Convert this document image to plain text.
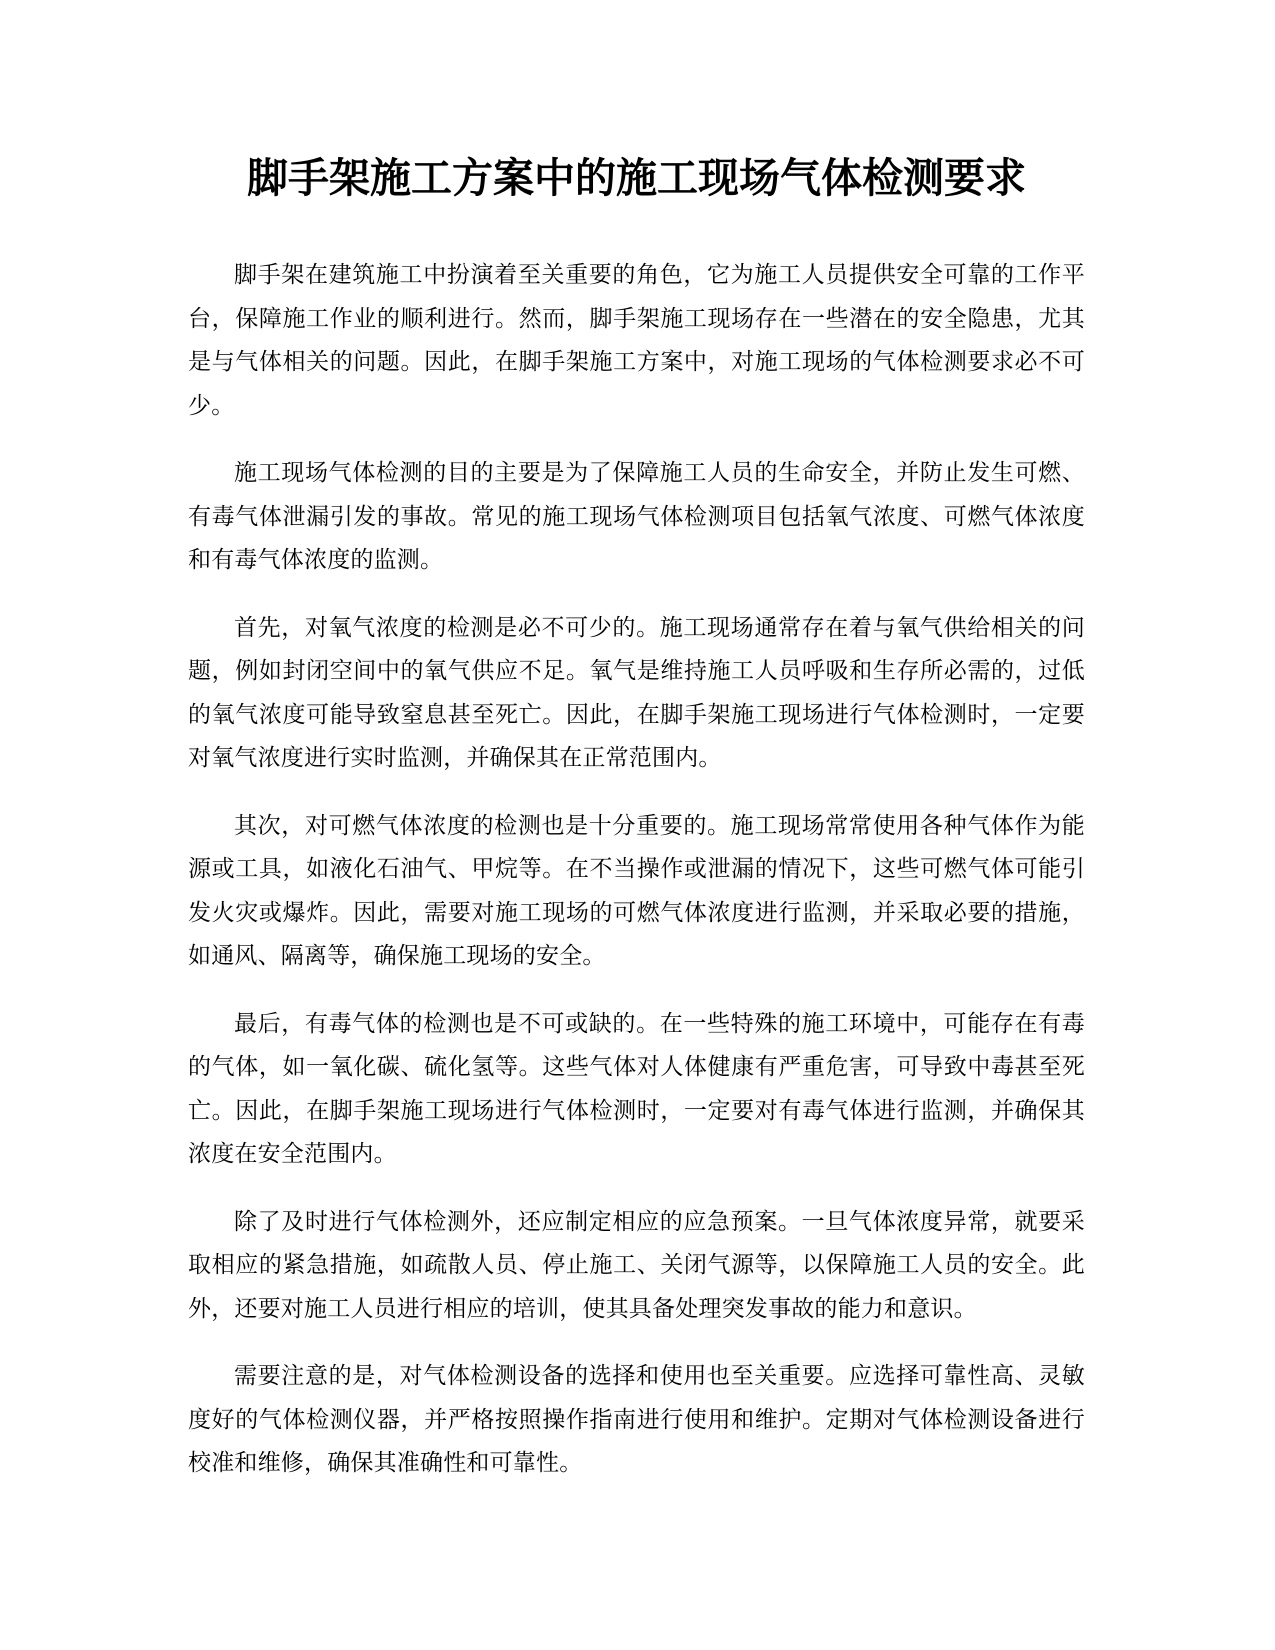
脚手架施工方案中的施工现场气体检测要求

脚手架在建筑施工中扮演着至关重要的角色，它为施工人员提供安全可靠的工作平台，保障施工作业的顺利进行。然而，脚手架施工现场存在一些潜在的安全隐患，尤其是与气体相关的问题。因此，在脚手架施工方案中，对施工现场的气体检测要求必不可少。

施工现场气体检测的目的主要是为了保障施工人员的生命安全，并防止发生可燃、有毒气体泄漏引发的事故。常见的施工现场气体检测项目包括氧气浓度、可燃气体浓度和有毒气体浓度的监测。

首先，对氧气浓度的检测是必不可少的。施工现场通常存在着与氧气供给相关的问题，例如封闭空间中的氧气供应不足。氧气是维持施工人员呼吸和生存所必需的，过低的氧气浓度可能导致窒息甚至死亡。因此，在脚手架施工现场进行气体检测时，一定要对氧气浓度进行实时监测，并确保其在正常范围内。

其次，对可燃气体浓度的检测也是十分重要的。施工现场常常使用各种气体作为能源或工具，如液化石油气、甲烷等。在不当操作或泄漏的情况下，这些可燃气体可能引发火灾或爆炸。因此，需要对施工现场的可燃气体浓度进行监测，并采取必要的措施，如通风、隔离等，确保施工现场的安全。

最后，有毒气体的检测也是不可或缺的。在一些特殊的施工环境中，可能存在有毒的气体，如一氧化碳、硫化氢等。这些气体对人体健康有严重危害，可导致中毒甚至死亡。因此，在脚手架施工现场进行气体检测时，一定要对有毒气体进行监测，并确保其浓度在安全范围内。

除了及时进行气体检测外，还应制定相应的应急预案。一旦气体浓度异常，就要采取相应的紧急措施，如疏散人员、停止施工、关闭气源等，以保障施工人员的安全。此外，还要对施工人员进行相应的培训，使其具备处理突发事故的能力和意识。

需要注意的是，对气体检测设备的选择和使用也至关重要。应选择可靠性高、灵敏度好的气体检测仪器，并严格按照操作指南进行使用和维护。定期对气体检测设备进行校准和维修，确保其准确性和可靠性。
